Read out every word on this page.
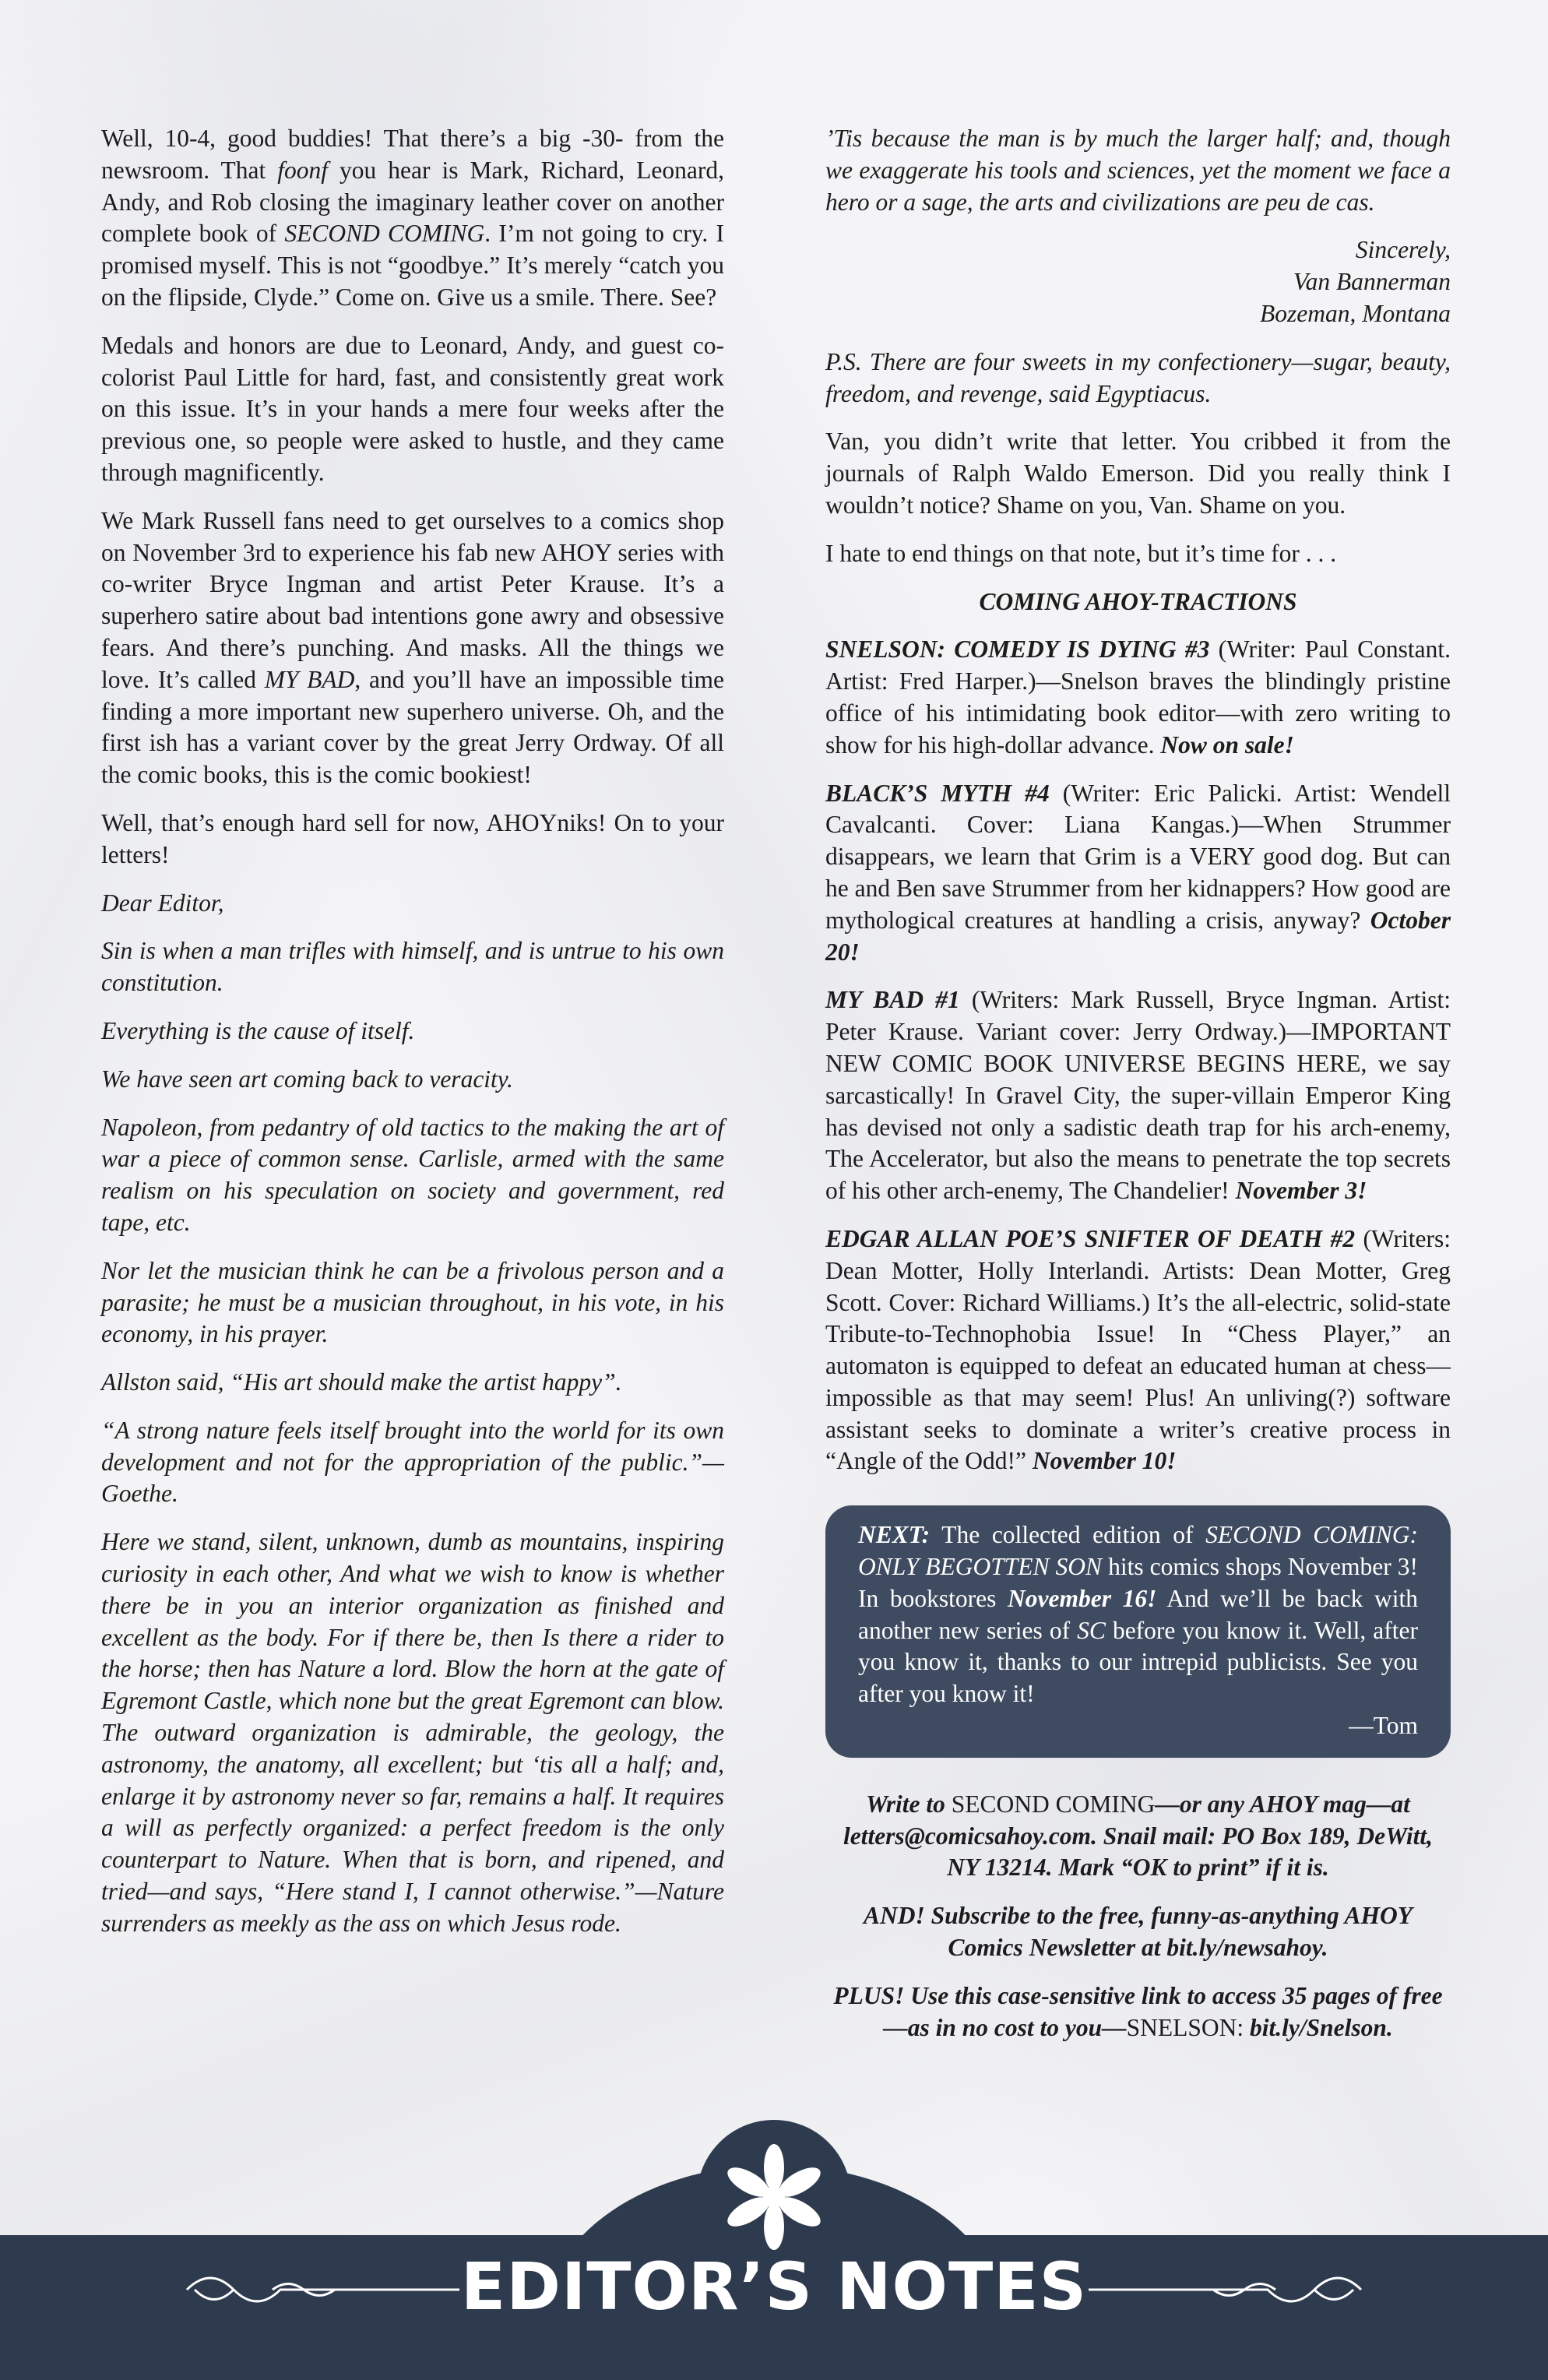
Well, 10-4, good buddies! That there’s a big -30- from the newsroom. That foonf you hear is Mark, Richard, Leonard, Andy, and Rob closing the imaginary leather cover on another complete book of SECOND COMING. I’m not going to cry. I promised myself. This is not “goodbye.” It’s merely “catch you on the flipside, Clyde.” Come on. Give us a smile. There. See?

Medals and honors are due to Leonard, Andy, and guest co-colorist Paul Little for hard, fast, and consistently great work on this issue. It’s in your hands a mere four weeks after the previous one, so people were asked to hustle, and they came through magnificently.

We Mark Russell fans need to get ourselves to a comics shop on November 3rd to experience his fab new AHOY series with co-writer Bryce Ingman and artist Peter Krause. It’s a superhero satire about bad intentions gone awry and obsessive fears. And there’s punching. And masks. All the things we love. It’s called MY BAD, and you’ll have an impossible time finding a more important new superhero universe. Oh, and the first ish has a variant cover by the great Jerry Ordway. Of all the comic books, this is the comic bookiest!

Well, that’s enough hard sell for now, AHOYniks! On to your letters!

Dear Editor,

Sin is when a man trifles with himself, and is untrue to his own constitution.

Everything is the cause of itself.

We have seen art coming back to veracity.

Napoleon, from pedantry of old tactics to the making the art of war a piece of common sense. Carlisle, armed with the same realism on his speculation on society and government, red tape, etc.

Nor let the musician think he can be a frivolous person and a parasite; he must be a musician throughout, in his vote, in his economy, in his prayer.

Allston said, “His art should make the artist happy”.

“A strong nature feels itself brought into the world for its own development and not for the appropriation of the public.”—Goethe.

Here we stand, silent, unknown, dumb as mountains, inspiring curiosity in each other, And what we wish to know is whether there be in you an interior organization as finished and excellent as the body. For if there be, then Is there a rider to the horse; then has Nature a lord. Blow the horn at the gate of Egremont Castle, which none but the great Egremont can blow. The outward organization is admirable, the geology, the astronomy, the anatomy, all excellent; but ‘tis all a half; and, enlarge it by astronomy never so far, remains a half. It requires a will as perfectly organized: a perfect freedom is the only counterpart to Nature. When that is born, and ripened, and tried—and says, “Here stand I, I cannot otherwise.”—Nature surrenders as meekly as the ass on which Jesus rode.

’Tis because the man is by much the larger half; and, though we exaggerate his tools and sciences, yet the moment we face a hero or a sage, the arts and civilizations are peu de cas.

Sincerely,
Van Bannerman
Bozeman, Montana

P.S. There are four sweets in my confectionery—sugar, beauty, freedom, and revenge, said Egyptiacus.

Van, you didn’t write that letter. You cribbed it from the journals of Ralph Waldo Emerson. Did you really think I wouldn’t notice? Shame on you, Van. Shame on you.

I hate to end things on that note, but it’s time for . . .

COMING AHOY-TRACTIONS

SNELSON: COMEDY IS DYING #3 (Writer: Paul Constant. Artist: Fred Harper.)—Snelson braves the blindingly pristine office of his intimidating book editor—with zero writing to show for his high-dollar advance. Now on sale!

BLACK’S MYTH #4 (Writer: Eric Palicki. Artist: Wendell Cavalcanti. Cover: Liana Kangas.)—When Strummer disappears, we learn that Grim is a VERY good dog. But can he and Ben save Strummer from her kidnappers? How good are mythological creatures at handling a crisis, anyway? October 20!

MY BAD #1 (Writers: Mark Russell, Bryce Ingman. Artist: Peter Krause. Variant cover: Jerry Ordway.)—IMPORTANT NEW COMIC BOOK UNIVERSE BEGINS HERE, we say sarcastically! In Gravel City, the super-villain Emperor King has devised not only a sadistic death trap for his arch-enemy, The Accelerator, but also the means to penetrate the top secrets of his other arch-enemy, The Chandelier! November 3!

EDGAR ALLAN POE’S SNIFTER OF DEATH #2 (Writers: Dean Motter, Holly Interlandi. Artists: Dean Motter, Greg Scott. Cover: Richard Williams.) It’s the all-electric, solid-state Tribute-to-Technophobia Issue! In “Chess Player,” an automaton is equipped to defeat an educated human at chess—impossible as that may seem! Plus! An unliving(?) software assistant seeks to dominate a writer’s creative process in “Angle of the Odd!” November 10!

NEXT: The collected edition of SECOND COMING: ONLY BEGOTTEN SON hits comics shops November 3! In bookstores November 16! And we’ll be back with another new series of SC before you know it. Well, after you know it, thanks to our intrepid publicists. See you after you know it!
—Tom

Write to SECOND COMING—or any AHOY mag—at letters@comicsahoy.com. Snail mail: PO Box 189, DeWitt, NY 13214. Mark “OK to print” if it is.

AND! Subscribe to the free, funny-as-anything AHOY Comics Newsletter at bit.ly/newsahoy.

PLUS! Use this case-sensitive link to access 35 pages of free—as in no cost to you—SNELSON: bit.ly/Snelson.

EDITOR’S NOTES
